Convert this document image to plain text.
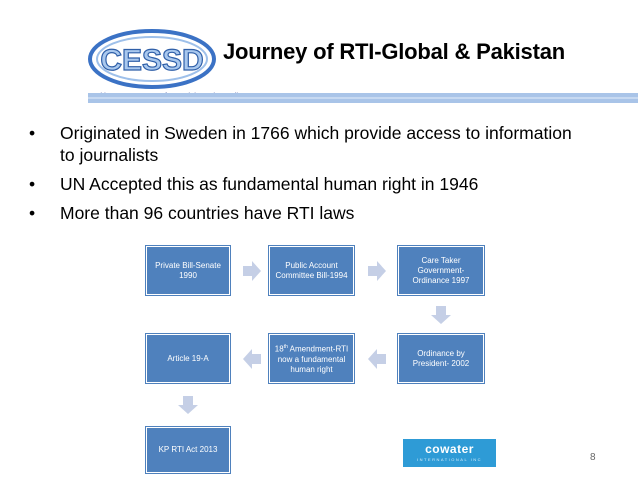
CESSD Journey of RTI-Global & Pakistan
• Originated in Sweden in 1766 which provide access to information to journalists
• UN Accepted this as fundamental human right in 1946
• More than 96 countries have RTI laws
Private Bill-Senate 1990
Public Account Committee Bill-1994
Care Taker Government-Ordinance 1997
Ordinance by President- 2002
18th Amendment-RTI now a fundamental human right
Article 19-A
KP RTI Act 2013	cowater
INTERNATIONAL INC	8
